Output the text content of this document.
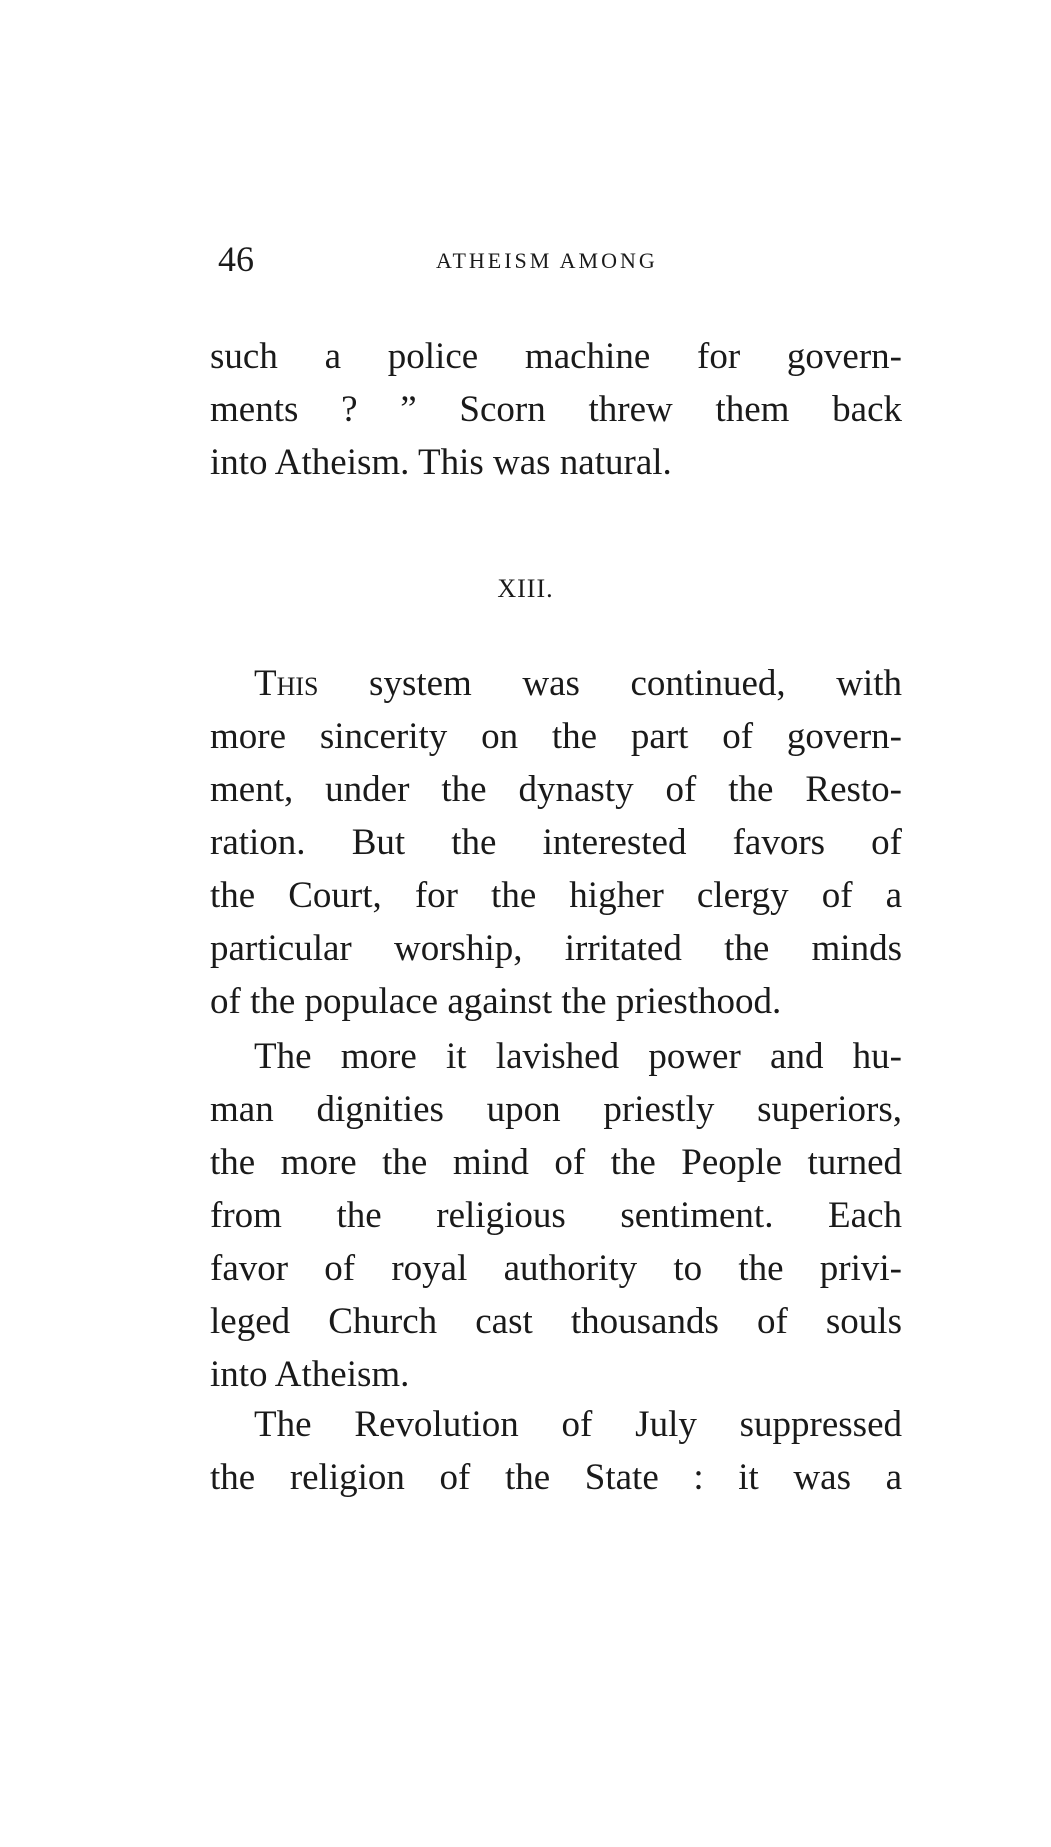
46	ATHEISM AMONG
such a police machine for govern-
ments ? ” Scorn threw them back
into Atheism. This was natural.
XIII.
This system was continued, with
more sincerity on the part of govern-
ment, under the dynasty of the Resto-
ration. But the interested favors of
the Court, for the higher clergy of a
particular worship, irritated the minds
of the populace against the priesthood.
The more it lavished power and hu-
man dignities upon priestly superiors,
the more the mind of the People turned
from the religious sentiment. Each
favor of royal authority to the privi-
leged Church cast thousands of souls
into Atheism.
The Revolution of July suppressed
the religion of the State : it was a
